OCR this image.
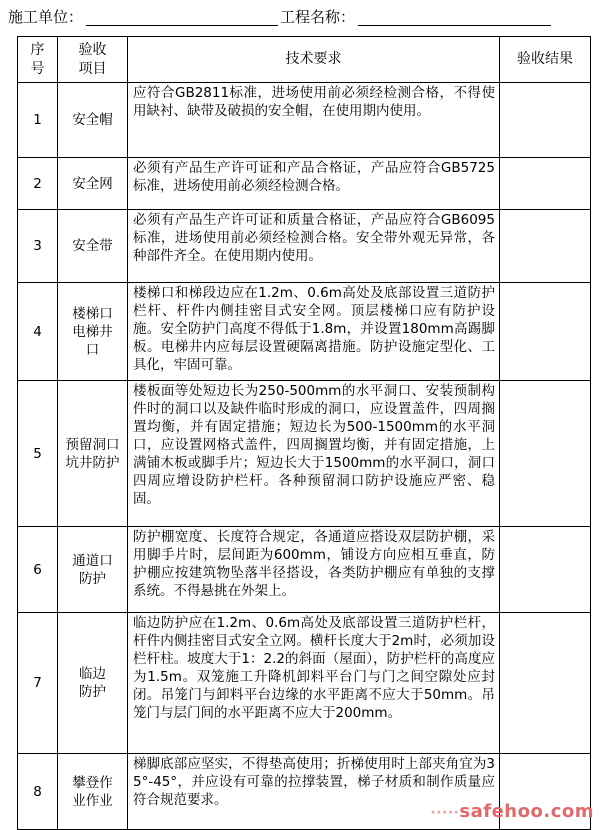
施工单位：	工程名称：
序号	验收项目	技术要求	验收结果
1	安全帽	应符合GB2811标准，进场使用前必须经检测合格，不得使用缺衬、缺带及破损的安全帽，在使用期内使用。	
2	安全网	必须有产品生产许可证和产品合格证，产品应符合GB5725标准，进场使用前必须经检测合格。	
3	安全带	必须有产品生产许可证和质量合格证，产品应符合GB6095标准，进场使用前必须经检测合格。安全带外观无异常，各种部件齐全。在使用期内使用。	
4	楼梯口电梯井口	楼梯口和梯段边应在1.2m、0.6m高处及底部设置三道防护栏杆、杆件内侧挂密目式安全网。顶层楼梯口应有防护设施。安全防护门高度不得低于1.8m，并设置180mm高踢脚板。电梯井内应每层设置硬隔离措施。防护设施定型化、工具化，牢固可靠。	
5	预留洞口坑井防护	楼板面等处短边长为250-500mm的水平洞口、安装预制构件时的洞口以及缺件临时形成的洞口，应设置盖件，四周搁置均衡，并有固定措施；短边长为500-1500mm的水平洞口，应设置网格式盖件，四周搁置均衡，并有固定措施，上满铺木板或脚手片；短边长大于1500mm的水平洞口，洞口四周应增设防护栏杆。各种预留洞口防护设施应严密、稳固。	
6	通道口防护	防护棚宽度、长度符合规定，各通道应搭设双层防护棚，采用脚手片时，层间距为600mm，铺设方向应相互垂直，防护棚应按建筑物坠落半径搭设，各类防护棚应有单独的支撑系统。不得悬挑在外架上。	
7	临边防护	临边防护应在1.2m、0.6m高处及底部设置三道防护栏杆，杆件内侧挂密目式安全立网。横杆长度大于2m时，必须加设栏杆柱。坡度大于1：2.2的斜面（屋面），防护栏杆的高度应为1.5m。双笼施工升降机卸料平台门与门之间空隙处应封闭。吊笼门与卸料平台边缘的水平距离不应大于50mm。吊笼门与层门间的水平距离不应大于200mm。	
8	攀登作业作业	梯脚底部应坚实，不得垫高使用；折梯使用时上部夹角宜为35°-45°，并应设有可靠的拉撑装置，梯子材质和制作质量应符合规范要求。	
·····safehoo.com
